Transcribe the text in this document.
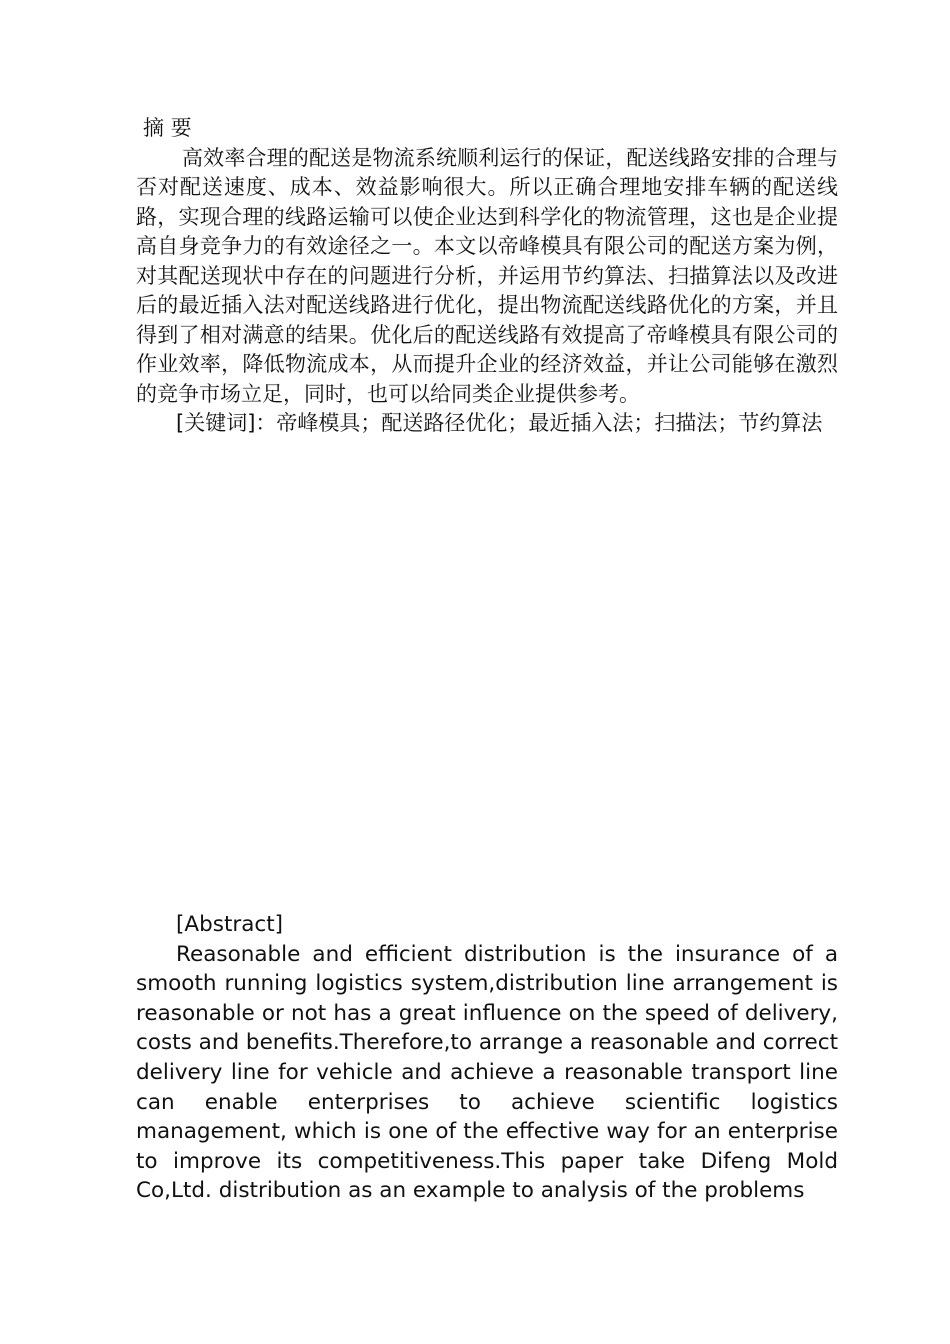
摘 要

高效率合理的配送是物流系统顺利运行的保证，配送线路安排的合理与否对配送速度、成本、效益影响很大。所以正确合理地安排车辆的配送线路，实现合理的线路运输可以使企业达到科学化的物流管理，这也是企业提高自身竞争力的有效途径之一。本文以帝峰模具有限公司的配送方案为例，对其配送现状中存在的问题进行分析，并运用节约算法、扫描算法以及改进后的最近插入法对配送线路进行优化，提出物流配送线路优化的方案，并且得到了相对满意的结果。优化后的配送线路有效提高了帝峰模具有限公司的作业效率，降低物流成本，从而提升企业的经济效益，并让公司能够在激烈的竞争市场立足，同时，也可以给同类企业提供参考。

[关键词]：帝峰模具；配送路径优化；最近插入法；扫描法；节约算法

[Abstract]

Reasonable and efficient distribution is the insurance of a smooth running logistics system,distribution line arrangement is reasonable or not has a great influence on the speed of delivery, costs and benefits.Therefore,to arrange a reasonable and correct delivery line for vehicle and achieve a reasonable transport line can enable enterprises to achieve scientific logistics management, which is one of the effective way for an enterprise to improve its competitiveness.This paper take Difeng Mold Co,Ltd. distribution as an example to analysis of the problems
